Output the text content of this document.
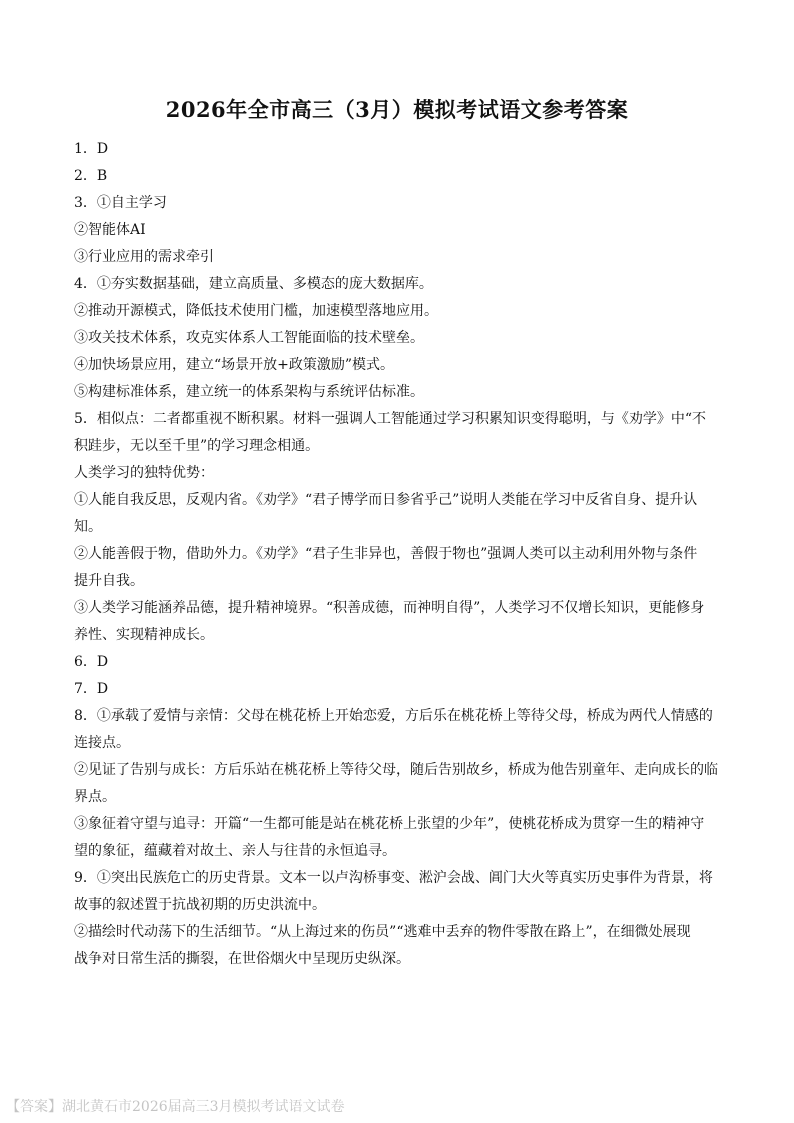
2026年全市高三（3月）模拟考试语文参考答案
1．D
2．B
3．①自主学习
②智能体AI
③行业应用的需求牵引
4．①夯实数据基础，建立高质量、多模态的庞大数据库。
②推动开源模式，降低技术使用门槛，加速模型落地应用。
③攻关技术体系，攻克实体系人工智能面临的技术壁垒。
④加快场景应用，建立“场景开放+政策激励”模式。
⑤构建标准体系，建立统一的体系架构与系统评估标准。
5．相似点：二者都重视不断积累。材料一强调人工智能通过学习积累知识变得聪明，与《劝学》中“不
积跬步，无以至千里”的学习理念相通。
人类学习的独特优势：
①人能自我反思，反观内省。《劝学》“君子博学而日参省乎己”说明人类能在学习中反省自身、提升认
知。
②人能善假于物，借助外力。《劝学》“君子生非异也，善假于物也”强调人类可以主动利用外物与条件
提升自我。
③人类学习能涵养品德，提升精神境界。“积善成德，而神明自得”，人类学习不仅增长知识，更能修身
养性、实现精神成长。
6．D
7．D
8．①承载了爱情与亲情：父母在桃花桥上开始恋爱，方后乐在桃花桥上等待父母，桥成为两代人情感的
连接点。
②见证了告别与成长：方后乐站在桃花桥上等待父母，随后告别故乡，桥成为他告别童年、走向成长的临
界点。
③象征着守望与追寻：开篇“一生都可能是站在桃花桥上张望的少年”，使桃花桥成为贯穿一生的精神守
望的象征，蕴藏着对故土、亲人与往昔的永恒追寻。
9．①突出民族危亡的历史背景。文本一以卢沟桥事变、淞沪会战、阊门大火等真实历史事件为背景，将
故事的叙述置于抗战初期的历史洪流中。
②描绘时代动荡下的生活细节。“从上海过来的伤员”“逃难中丢弃的物件零散在路上”，在细微处展现
战争对日常生活的撕裂，在世俗烟火中呈现历史纵深。
【答案】湖北黄石市2026届高三3月模拟考试语文试卷
